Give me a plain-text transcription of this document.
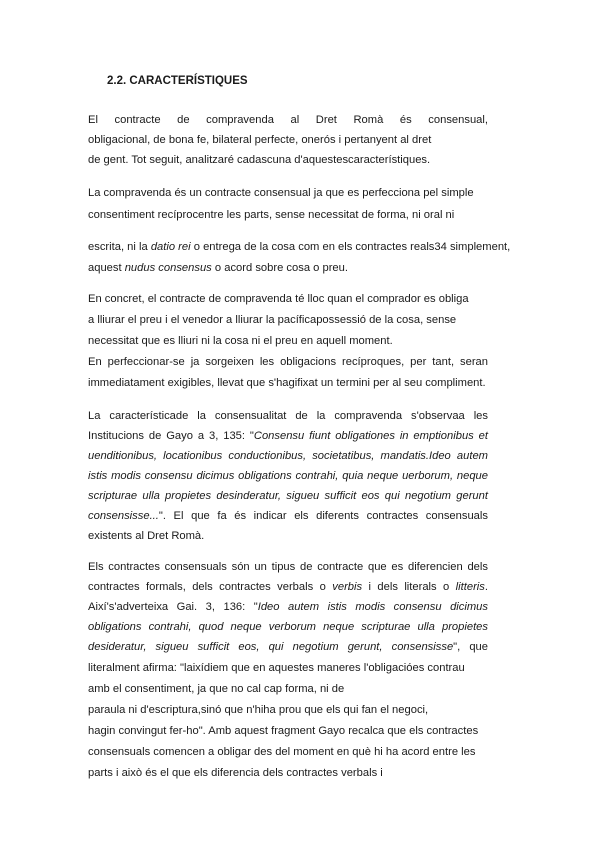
2.2. CARACTERÍSTIQUES

El contracte de compravenda al Dret Romà és consensual,

obligacional, de bona fe, bilateral perfecte, onerós i pertanyent al dret

de gent. Tot seguit, analitzaré cadascuna d'aquestescaracterístiques.

La compravenda és un contracte consensual ja que es perfecciona pel simple

consentiment recíprocentre les parts, sense necessitat de forma, ni oral ni

escrita, ni la datio rei o entrega de la cosa com en els contractes reals34 simplement,

aquest nudus consensus o acord sobre cosa o preu.

En concret, el contracte de compravenda té lloc quan el comprador es obliga

a lliurar el preu i el venedor a lliurar la pacíficapossessió de la cosa, sense

necessitat que es lliuri ni la cosa ni el preu en aquell moment.

En perfeccionar-se ja sorgeixen les obligacions recíproques, per tant, seran

immediatament exigibles, llevat que s'hagifixat un termini per al seu compliment.

La característicade la consensualitat de la compravenda s'observaa les

Institucions de Gayo a 3, 135: "Consensu fiunt obligationes in emptionibus et

uenditionibus, locationibus conductionibus, societatibus, mandatis.Ideo autem

istis modis consensu dicimus obligations contrahi, quia neque uerborum, neque

scripturae ulla propietes desinderatur, sigueu sufficit eos qui negotium gerunt

consensisse...". El que fa és indicar els diferents contractes consensuals

existents al Dret Romà.

Els contractes consensuals són un tipus de contracte que es diferencien dels

contractes formals, dels contractes verbals o verbis i dels literals o litteris.

Així's'adverteixa Gai. 3, 136: "Ideo autem istis modis consensu dicimus

obligations contrahi, quod neque verborum neque scripturae ulla propietes

desideratur, sigueu sufficit eos, qui negotium gerunt, consensisse", que

literalment afirma: "laixídiem que en aquestes maneres l'obligacióes contrau

amb el consentiment, ja que no cal cap forma, ni de

paraula ni d'escriptura,sinó que n'hiha prou que els qui fan el negoci,

hagin convingut fer-ho". Amb aquest fragment Gayo recalca que els contractes

consensuals comencen a obligar des del moment en què hi ha acord entre les

parts i això és el que els diferencia dels contractes verbals i
